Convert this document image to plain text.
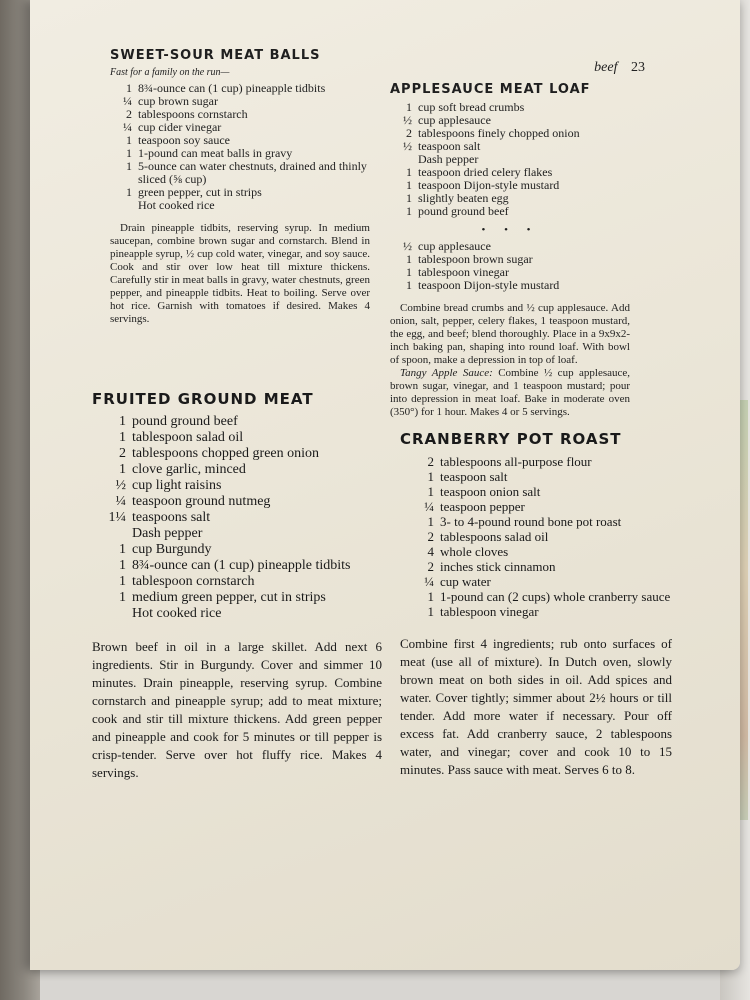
beef 23
SWEET-SOUR MEAT BALLS
Fast for a family on the run—
1 8¾-ounce can (1 cup) pineapple tidbits
¼ cup brown sugar
2 tablespoons cornstarch
¼ cup cider vinegar
1 teaspoon soy sauce
1 1-pound can meat balls in gravy
1 5-ounce can water chestnuts, drained and thinly sliced (⅝ cup)
1 green pepper, cut in strips
Hot cooked rice

Drain pineapple tidbits, reserving syrup. In medium saucepan, combine brown sugar and cornstarch. Blend in pineapple syrup, ½ cup cold water, vinegar, and soy sauce. Cook and stir over low heat till mixture thickens. Carefully stir in meat balls in gravy, water chestnuts, green pepper, and pineapple tidbits. Heat to boiling. Serve over hot rice. Garnish with tomatoes if desired. Makes 4 servings.

APPLESAUCE MEAT LOAF
1 cup soft bread crumbs
½ cup applesauce
2 tablespoons finely chopped onion
½ teaspoon salt
Dash pepper
1 teaspoon dried celery flakes
1 teaspoon Dijon-style mustard
1 slightly beaten egg
1 pound ground beef
• • •
½ cup applesauce
1 tablespoon brown sugar
1 tablespoon vinegar
1 teaspoon Dijon-style mustard

Combine bread crumbs and ½ cup applesauce. Add onion, salt, pepper, celery flakes, 1 teaspoon mustard, the egg, and beef; blend thoroughly. Place in a 9x9x2-inch baking pan, shaping into round loaf. With bowl of spoon, make a depression in top of loaf.

Tangy Apple Sauce: Combine ½ cup applesauce, brown sugar, vinegar, and 1 teaspoon mustard; pour into depression in meat loaf. Bake in moderate oven (350°) for 1 hour. Makes 4 or 5 servings.

FRUITED GROUND MEAT
1 pound ground beef
1 tablespoon salad oil
2 tablespoons chopped green onion
1 clove garlic, minced
½ cup light raisins
¼ teaspoon ground nutmeg
1¼ teaspoons salt
Dash pepper
1 cup Burgundy
1 8¾-ounce can (1 cup) pineapple tidbits
1 tablespoon cornstarch
1 medium green pepper, cut in strips
Hot cooked rice

Brown beef in oil in a large skillet. Add next 6 ingredients. Stir in Burgundy. Cover and simmer 10 minutes. Drain pineapple, reserving syrup. Combine cornstarch and pineapple syrup; add to meat mixture; cook and stir till mixture thickens. Add green pepper and pineapple and cook for 5 minutes or till pepper is crisp-tender. Serve over hot fluffy rice. Makes 4 servings.

CRANBERRY POT ROAST
2 tablespoons all-purpose flour
1 teaspoon salt
1 teaspoon onion salt
¼ teaspoon pepper
1 3- to 4-pound round bone pot roast
2 tablespoons salad oil
4 whole cloves
2 inches stick cinnamon
¼ cup water
1 1-pound can (2 cups) whole cranberry sauce
1 tablespoon vinegar

Combine first 4 ingredients; rub onto surfaces of meat (use all of mixture). In Dutch oven, slowly brown meat on both sides in oil. Add spices and water. Cover tightly; simmer about 2½ hours or till tender. Add more water if necessary. Pour off excess fat. Add cranberry sauce, 2 tablespoons water, and vinegar; cover and cook 10 to 15 minutes. Pass sauce with meat. Serves 6 to 8.
